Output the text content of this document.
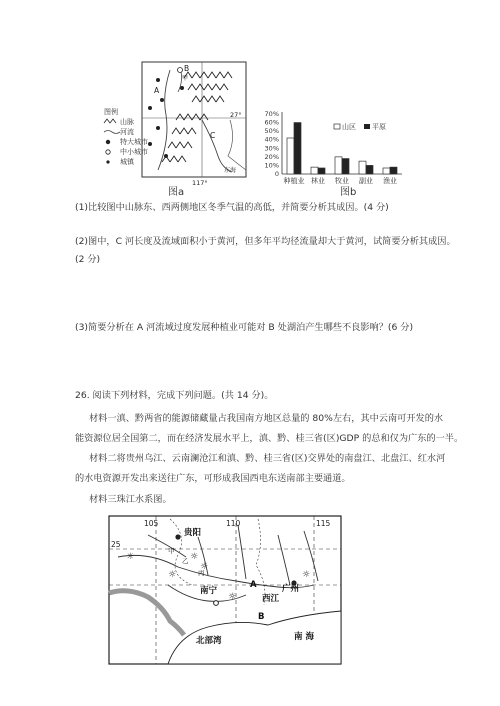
图例
山脉
河流
特大城市
中小城市
城镇
B
甲
A
C
27°
117°
东海
图a
0
10%
20%
30%
40%
50%
60%
70%
种植业 林业 牧业 副业 渔业
山区 平原
图b
(1)比较图中山脉东、西两侧地区冬季气温的高低，并简要分析其成因。(4 分)
(2)图中，C 河长度及流域面积小于黄河，但多年平均径流量却大于黄河，试简要分析其成因。
(2 分)
(3)简要分析在 A 河流域过度发展种植业可能对 B 处湖泊产生哪些不良影响？(6 分)
26. 阅读下列材料，完成下列问题。(共 14 分)。
材料一滇、黔两省的能源储藏量占我国南方地区总量的 80%左右，其中云南可开发的水
能资源位居全国第二，而在经济发展水平上，滇、黔、桂三省(区)GDP 的总和仅为广东的一半。
材料二将贵州乌江、云南澜沧江和滇、黔、桂三省(区)交界处的南盘江、北盘江、红水河
的水电资源开发出来送往广东，可形成我国西电东送南部主要通道。
材料三珠江水系图。
☼	☼
☼
☼
☼
☼
105	110	115
25
贵阳
南宁	广州
西江
北部湾	南 海
A
B
甲
乙
丙
